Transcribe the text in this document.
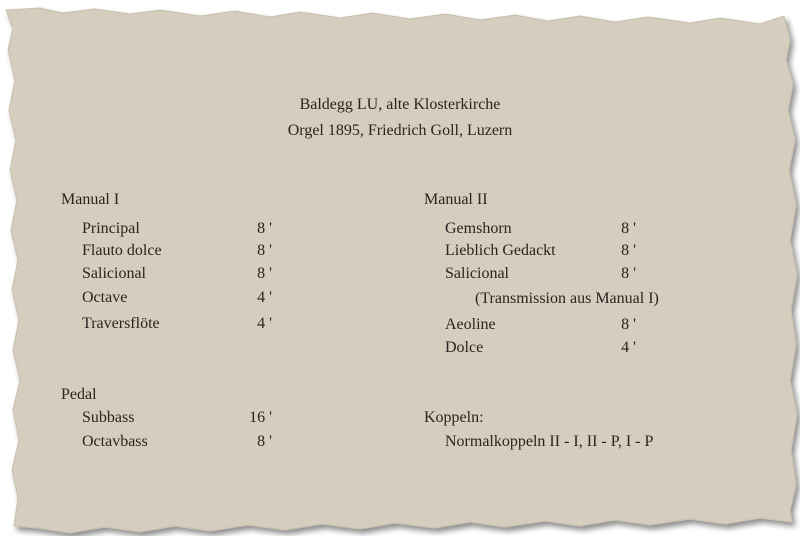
Baldegg LU, alte Klosterkirche
Orgel 1895, Friedrich Goll, Luzern
Manual I
Principal	8 '
Flauto dolce	8 '
Salicional	8 '
Octave	4 '
Traversflöte	4 '
Manual II
Gemshorn	8 '
Lieblich Gedackt	8 '
Salicional	8 '
(Transmission aus Manual I)
Aeoline	8 '
Dolce	4 '
Pedal
Subbass	16 '
Octavbass	8 '
Koppeln:
Normalkoppeln II - I, II - P, I - P
